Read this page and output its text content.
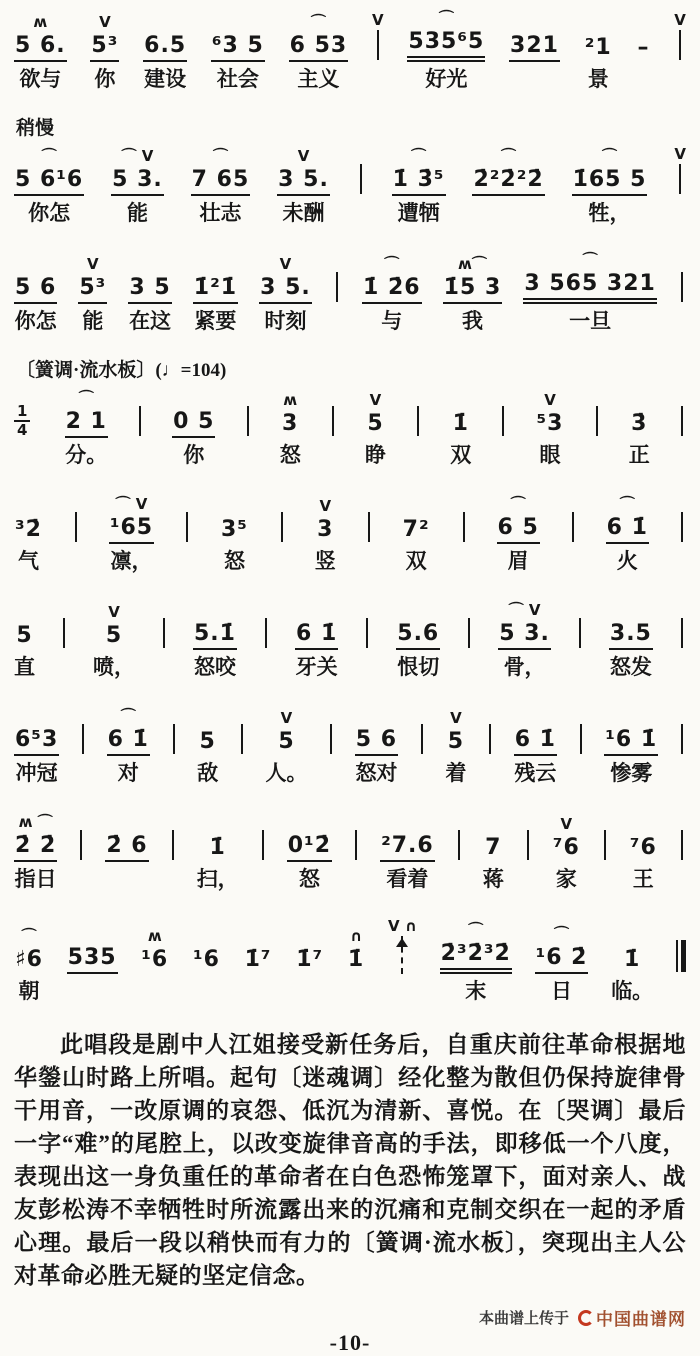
ʍ
5 6.
欲与
V
5³
你
6.5
建设
⁶3 5
社会
⌒
6 53
主义
V	⌒
535⁶5
好光
321 ²1
景
–
V
稍慢
⌒
5 6¹6
你怎
⌒ V
5 3.
能
⌒
7 65
壮志
V
3 5.
未酬
⌒
1̇ 3̇⁵
遭牺
⌒
2̇²2̇²2̇
⌒
1̇65 5
牲，
V
5 6
你怎
V
5³
能
3 5
在这
1̇²1̇
紧要
V
3 5.
时刻
⌒
1̇ 2̇6
与
ʍ⌒
1̇5 3
我
⌒
3 565 321
一旦
〔簧调·流水板〕(♩=104)
$\frac{1}{4}$
⌒
2 1
分。
0 5
你
ʍ
3
怒
V
5
睁
1̇
双
V
⁵3
眼
3̇
正
³2̇
气
⌒ V
¹65
凛，
3⁵
怒
V
3
竖
7²
双
⌒
6 5
眉
⌒
6 1̇
火
5
直
V
5
喷，
5.1̇
怒咬
6 1̇
牙关
5.6
恨切
⌒ V
5 3.
骨，
3.5
怒发
6⁵3
冲冠
⌒
6 1̇
对
5
敌
V
5
人。
5 6
怒对
V
5
着
6 1̇
残云
¹6 1̇
惨雾
ʍ ⌒
2̇ 2̇
指日
2̇ 6	1̇
扫，
0¹2̇
怒
²7.6
看着
7
蒋
V
⁷6
家
⁷6
王
⌒
♯6
朝
535
ʍ
¹6 ¹6 1̇⁷ 1̇⁷
∩
1̇
V ∩	⌒
2̇³2̇³2̇
末
⌒
¹6 2̇
日
1̇
临。
此唱段是剧中人江姐接受新任务后，自重庆前往革命根据地华鎣山时路上所唱。起句〔迷魂调〕经化整为散但仍保持旋律骨干用音，一改原调的哀怨、低沉为清新、喜悦。在〔哭调〕最后一字“难”的尾腔上，以改变旋律音高的手法，即移低一个八度，表现出这一身负重任的革命者在白色恐怖笼罩下，面对亲人、战友彭松涛不幸牺牲时所流露出来的沉痛和克制交织在一起的矛盾心理。最后一段以稍快而有力的〔簧调·流水板〕，突现出主人公对革命必胜无疑的坚定信念。
本曲谱上传于 中国曲谱网
-10-
